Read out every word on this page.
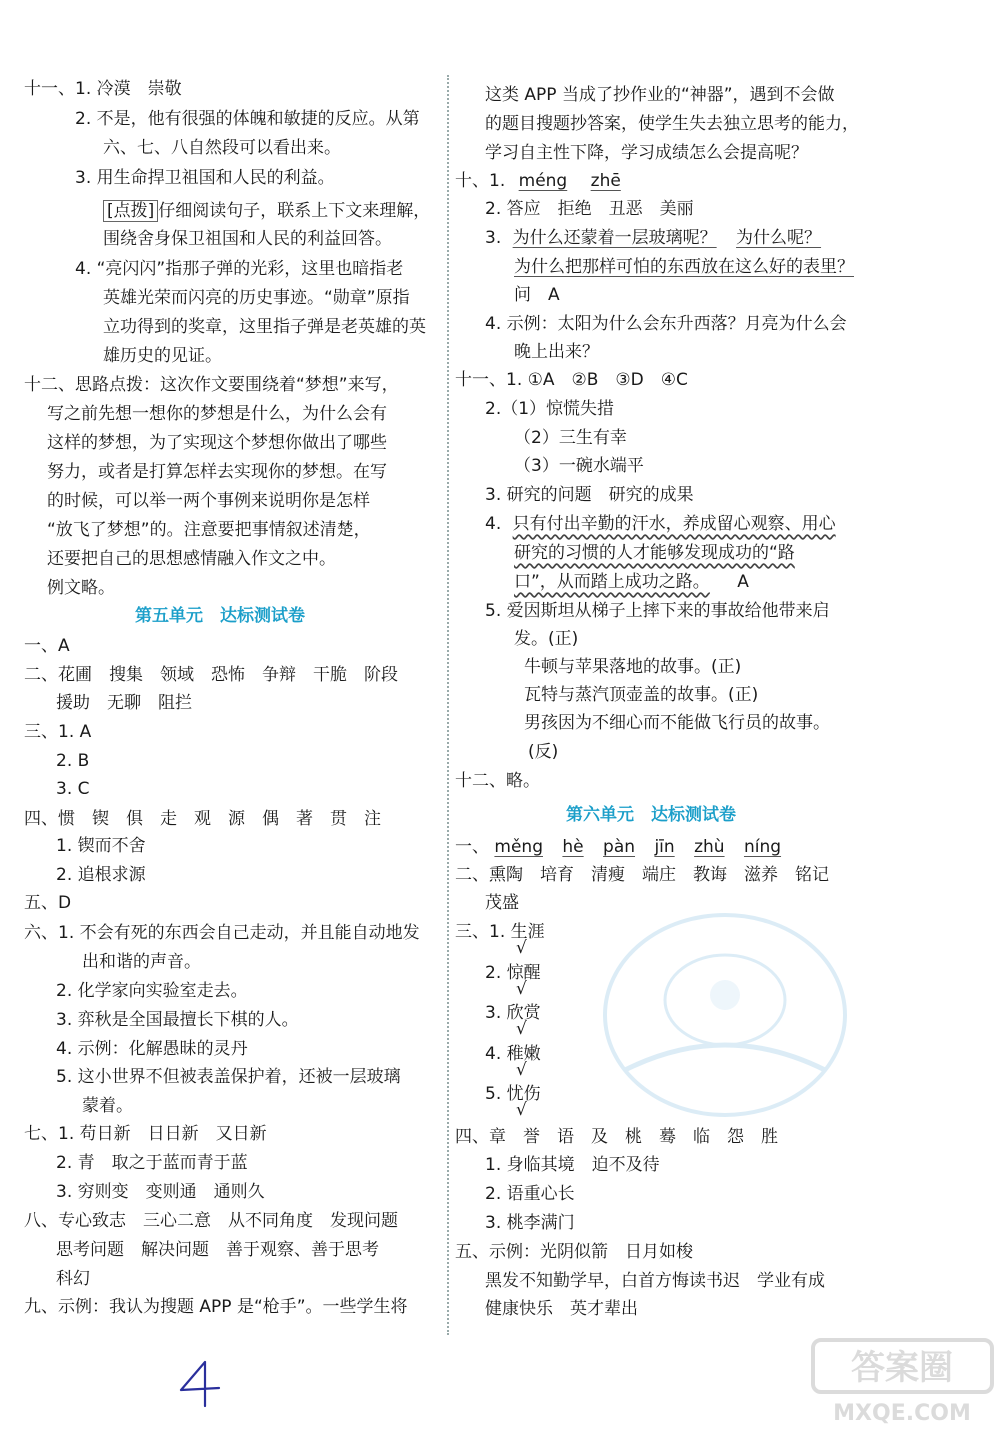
十一、1. 冷漠　崇敬
2. 不是，他有很强的体魄和敏捷的反应。从第
六、七、八自然段可以看出来。
3. 用生命捍卫祖国和人民的利益。
[点拨] 仔细阅读句子，联系上下文来理解，
围绕舍身保卫祖国和人民的利益回答。
4. “亮闪闪”指那子弹的光彩，这里也暗指老
英雄光荣而闪亮的历史事迹。“勋章”原指
立功得到的奖章，这里指子弹是老英雄的英
雄历史的见证。
十二、思路点拨：这次作文要围绕着“梦想”来写，
写之前先想一想你的梦想是什么，为什么会有
这样的梦想，为了实现这个梦想你做出了哪些
努力，或者是打算怎样去实现你的梦想。在写
的时候，可以举一两个事例来说明你是怎样
“放飞了梦想”的。注意要把事情叙述清楚，
还要把自己的思想感情融入作文之中。
例文略。
第五单元　达标测试卷
一、A
二、花圃　搜集　领域　恐怖　争辩　干脆　阶段
援助　无聊　阻拦
三、1. A
2. B
3. C
四、惯　锲　俱　走　观　源　偶　著　贯　注
1. 锲而不舍
2. 追根求源
五、D
六、1. 不会有死的东西会自己走动，并且能自动地发
出和谐的声音。
2. 化学家向实验室走去。
3. 弈秋是全国最擅长下棋的人。
4. 示例：化解愚昧的灵丹
5. 这小世界不但被表盖保护着，还被一层玻璃
蒙着。
七、1. 苟日新　日日新　又日新
2. 青　取之于蓝而青于蓝
3. 穷则变　变则通　通则久
八、专心致志　三心二意　从不同角度　发现问题
思考问题　解决问题　善于观察、善于思考
科幻
九、示例：我认为搜题 APP 是“枪手”。一些学生将
这类 APP 当成了抄作业的“神器”，遇到不会做
的题目搜题抄答案，使学生失去独立思考的能力，
学习自主性下降，学习成绩怎么会提高呢？
十、1. méng zhē
2. 答应　拒绝　丑恶　美丽
3. 为什么还蒙着一层玻璃呢？ 为什么呢？
为什么把那样可怕的东西放在这么好的表里？
问　A
4. 示例：太阳为什么会东升西落？月亮为什么会
晚上出来？
十一、1. ①A　②B　③D　④C
2.（1）惊慌失措
（2）三生有幸
（3）一碗水端平
3. 研究的问题　研究的成果
4. 只有付出辛勤的汗水，养成留心观察、用心
研究的习惯的人才能够发现成功的“路
口”，从而踏上成功之路。 A
5. 爱因斯坦从梯子上摔下来的事故给他带来启
发。(正)
牛顿与苹果落地的故事。(正)
瓦特与蒸汽顶壶盖的故事。(正)
男孩因为不细心而不能做飞行员的故事。
(反)
十二、略。
第六单元　达标测试卷
一、 měng hè pàn jīn zhù níng
二、熏陶　培育　清瘦　端庄　教诲　滋养　铭记
茂盛
三、1. 生涯
√
2. 惊醒
√
3. 欣赏
√
4. 稚嫩
√
5. 忧伤
√
四、章　誉　语　及　桃　蓦　临　怨　胜
1. 身临其境　迫不及待
2. 语重心长
3. 桃李满门
五、示例：光阴似箭　日月如梭
黑发不知勤学早，白首方悔读书迟　学业有成
健康快乐　英才辈出
答案圈
MXQE.COM
